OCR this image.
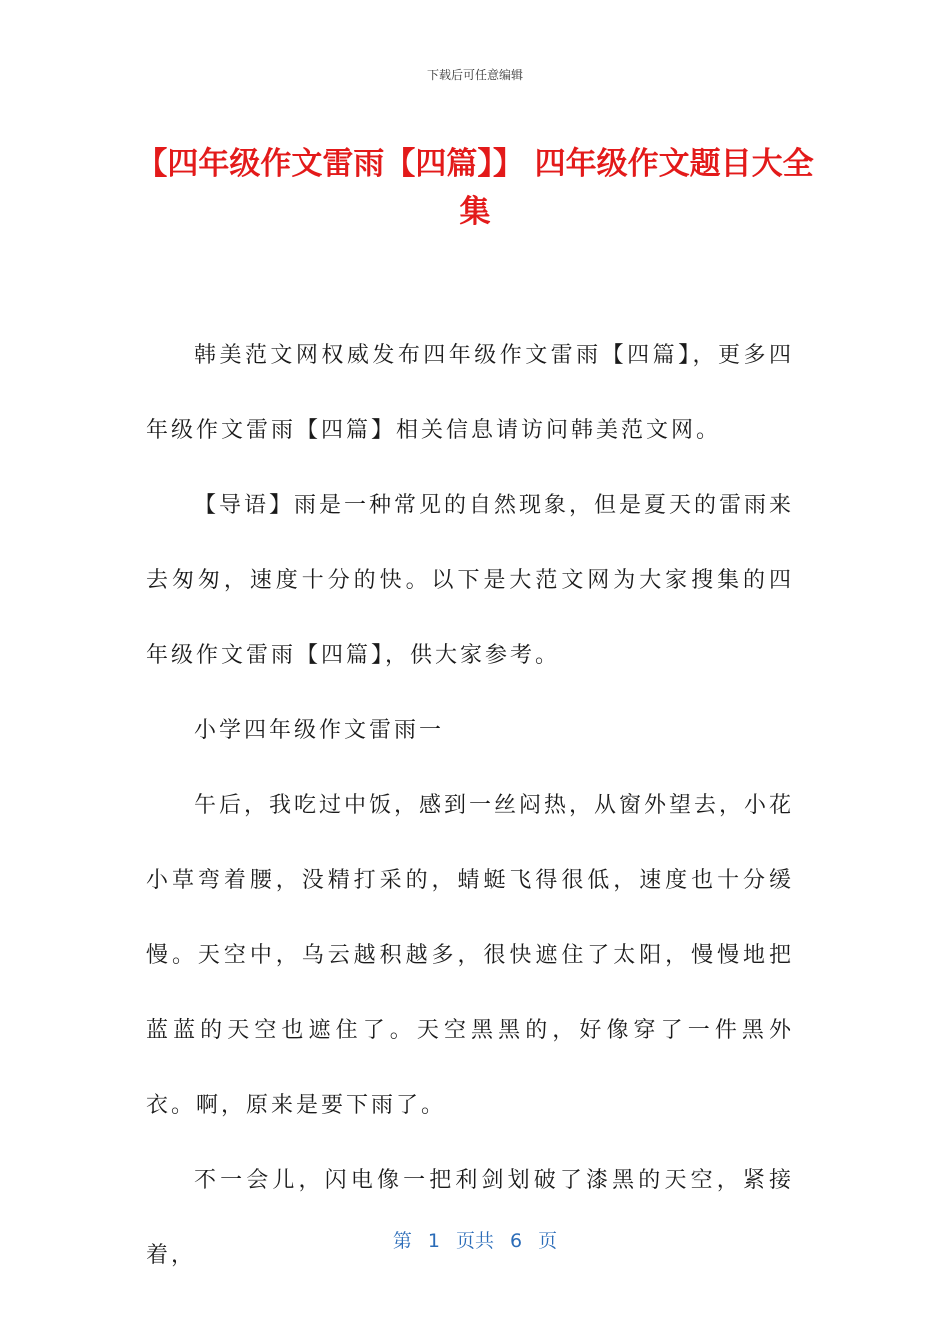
下载后可任意编辑
【四年级作文雷雨【四篇】】 四年级作文题目大全集

韩美范文网权威发布四年级作文雷雨【四篇】，更多四年级作文雷雨【四篇】相关信息请访问韩美范文网。

【导语】雨是一种常见的自然现象，但是夏天的雷雨来去匆匆，速度十分的快。以下是大范文网为大家搜集的四年级作文雷雨【四篇】，供大家参考。

小学四年级作文雷雨一

午后，我吃过中饭，感到一丝闷热，从窗外望去，小花小草弯着腰，没精打采的，蜻蜓飞得很低，速度也十分缓慢。天空中，乌云越积越多，很快遮住了太阳，慢慢地把蓝蓝的天空也遮住了。天空黑黑的，好像穿了一件黑外衣。啊，原来是要下雨了。

不一会儿，闪电像一把利剑划破了漆黑的天空，紧接着，

第 1 页共 6 页
